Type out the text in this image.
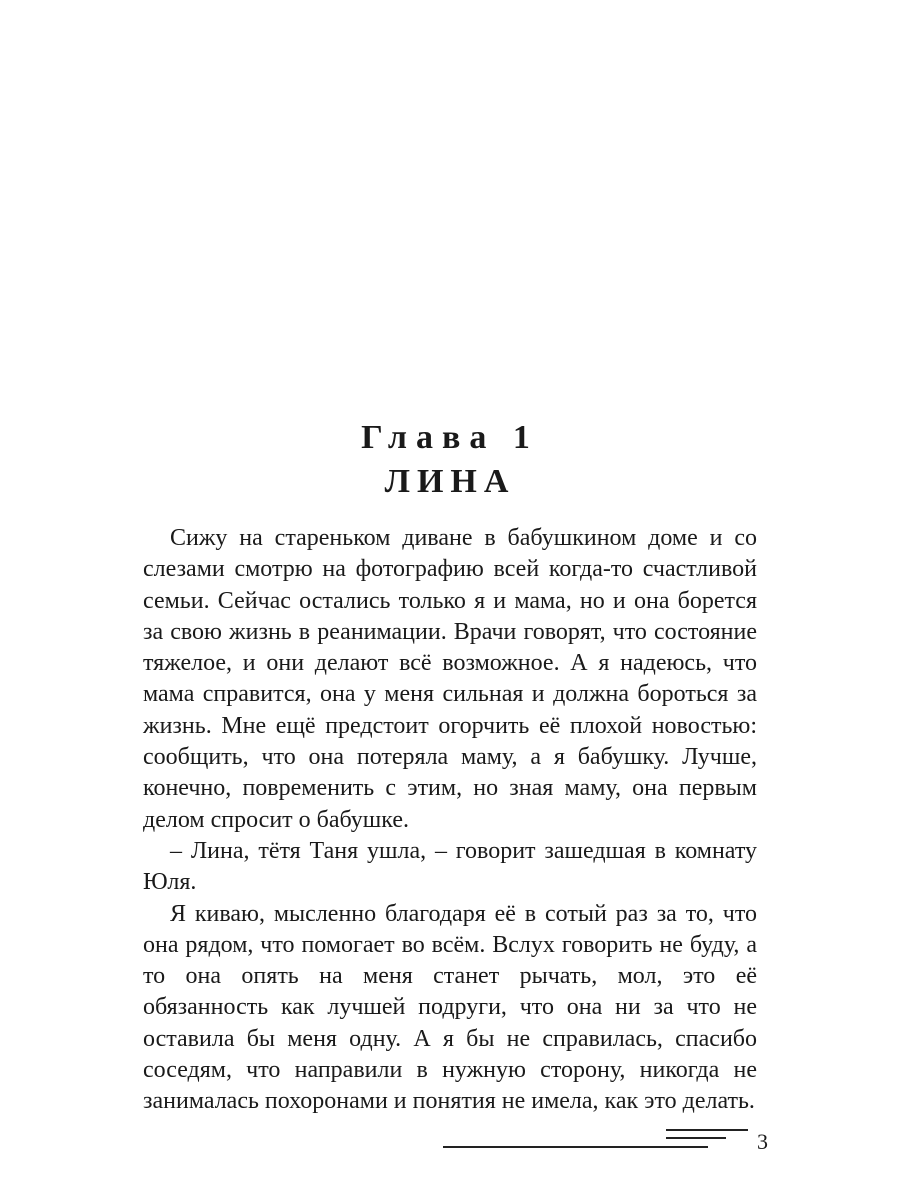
Глава 1
ЛИНА

Сижу на стареньком диване в бабушкином доме и со слезами смотрю на фотографию всей когда-то счастливой семьи. Сейчас остались только я и мама, но и она борется за свою жизнь в реанимации. Врачи говорят, что состояние тяжелое, и они делают всё возможное. А я надеюсь, что мама справится, она у меня сильная и должна бороться за жизнь. Мне ещё предстоит огорчить её плохой новостью: сообщить, что она потеряла маму, а я бабушку. Лучше, конечно, повременить с этим, но зная маму, она первым делом спросит о бабушке.

– Лина, тётя Таня ушла, – говорит зашедшая в комнату Юля.

Я киваю, мысленно благодаря её в сотый раз за то, что она рядом, что помогает во всём. Вслух говорить не буду, а то она опять на меня станет рычать, мол, это её обязанность как лучшей подруги, что она ни за что не оставила бы меня одну. А я бы не справилась, спасибо соседям, что направили в нужную сторону, никогда не занималась похоронами и понятия не имела, как это делать.

3
